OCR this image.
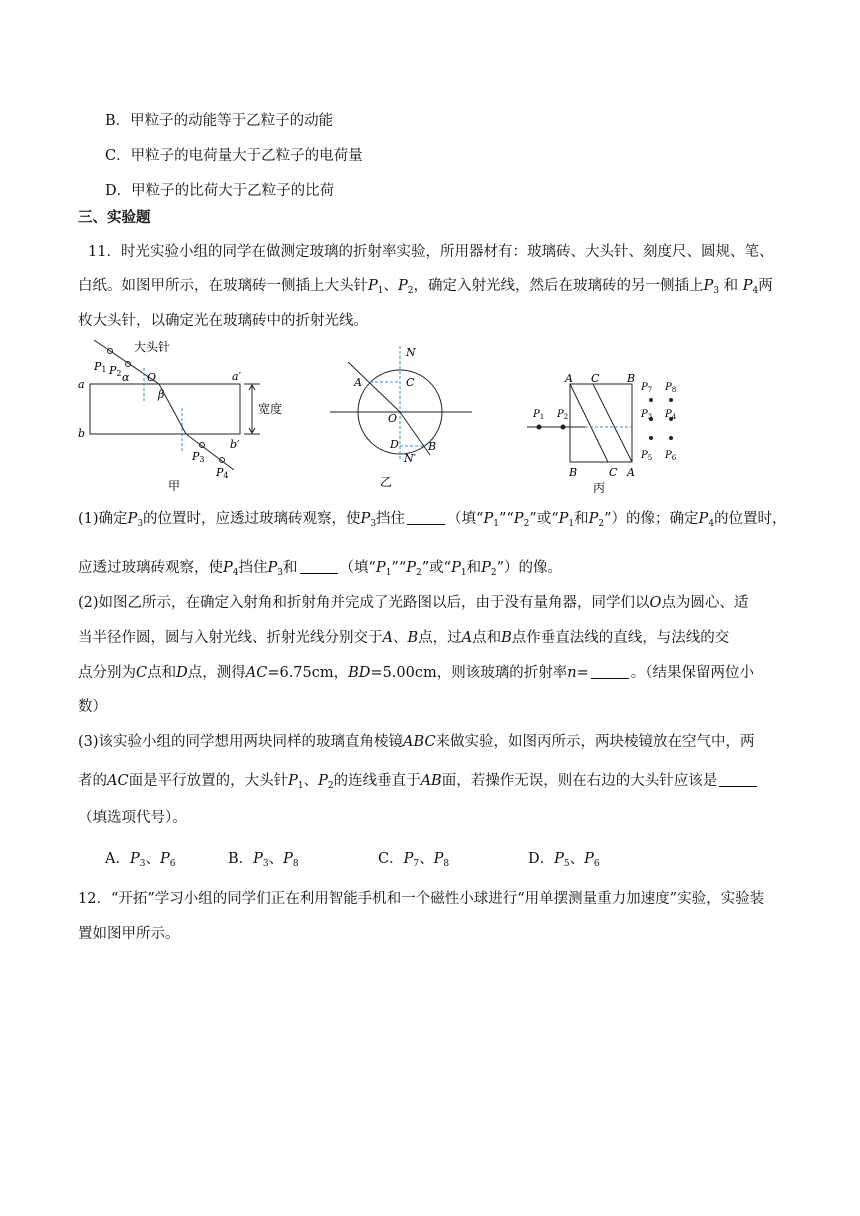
B．甲粒子的动能等于乙粒子的动能
C．甲粒子的电荷量大于乙粒子的电荷量
D．甲粒子的比荷大于乙粒子的比荷
三、实验题
11．时光实验小组的同学在做测定玻璃的折射率实验，所用器材有：玻璃砖、大头针、刻度尺、圆规、笔、
白纸。如图甲所示，在玻璃砖一侧插上大头针$P_1$、$P_2$，确定入射光线，然后在玻璃砖的另一侧插上$P_3$ 和 $P_4$两
枚大头针，以确定光在玻璃砖中的折射光线。
大头针
a
b
a′
b′
O
α
β
宽度
P1 P2
P3
P4
甲
N
N′
A	C
O
D	B
乙
A C	B
B	C A
$P_1$ $P_2$
$P_7$ $P_8$
$P_3$ $P_4$
$P_5$ $P_6$
丙
(1)确定$P_3$的位置时，应透过玻璃砖观察，使$P_3$挡住	（填“$P_1”“P_2$”或“$P_1$和$P_2$”）的像；确定$P_4$的位置时，
应透过玻璃砖观察，使$P_4$挡住$P_3$和	（填“$P_1”“P_2$”或“$P_1$和$P_2$”）的像。
(2)如图乙所示，在确定入射角和折射角并完成了光路图以后，由于没有量角器，同学们以O点为圆心、适
当半径作圆，圆与入射光线、折射光线分别交于A、B点，过A点和B点作垂直法线的直线，与法线的交
点分别为C点和D点，测得AC=6.75cm，BD=5.00cm，则该玻璃的折射率n=	。（结果保留两位小
数）
(3)该实验小组的同学想用两块同样的玻璃直角棱镜ABC来做实验，如图丙所示，两块棱镜放在空气中，两
者的AC面是平行放置的，大头针$P_1$、$P_2$的连线垂直于AB面，若操作无误，则在右边的大头针应该是
（填选项代号）。
A．$P_3$、$P_6$	B．$P_3$、$P_8$	C．$P_7$、$P_8$	D．$P_5$、$P_6$
12．“开拓”学习小组的同学们正在利用智能手机和一个磁性小球进行“用单摆测量重力加速度”实验，实验装
置如图甲所示。
